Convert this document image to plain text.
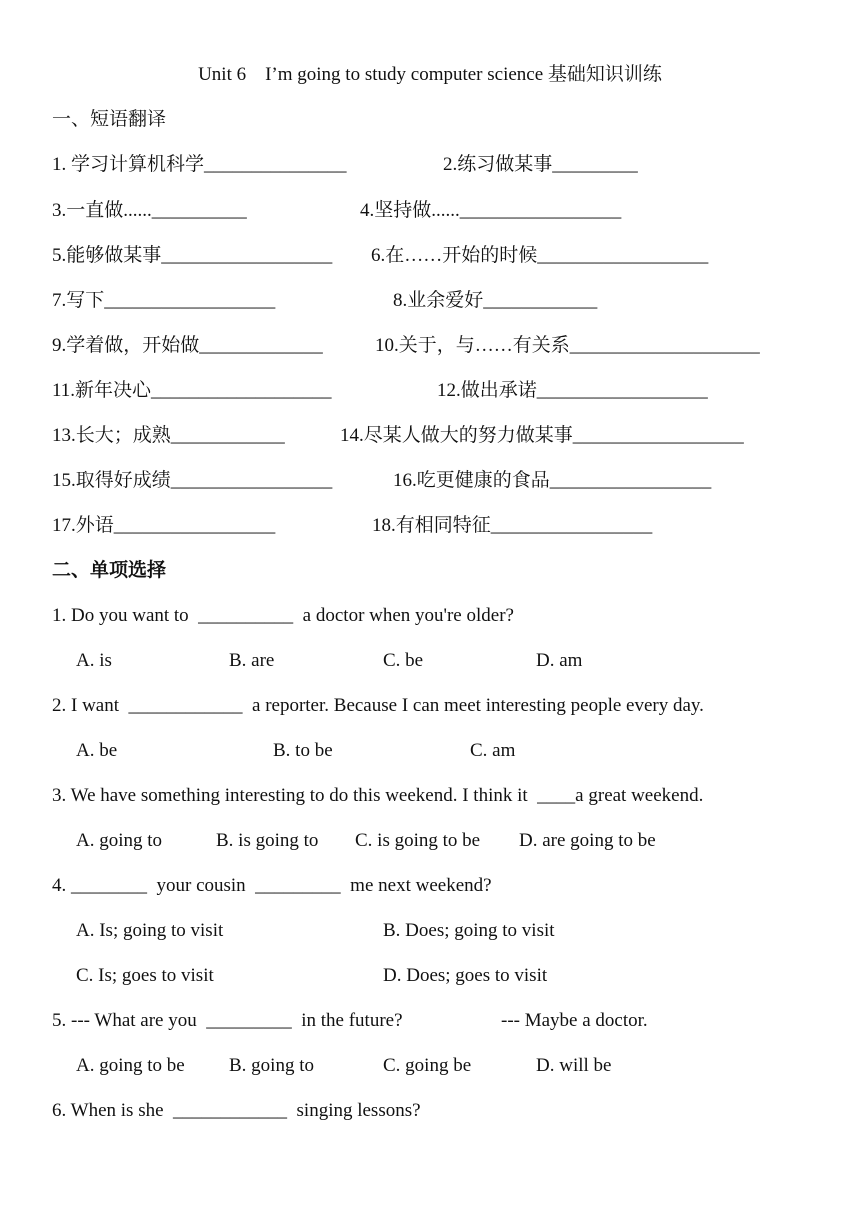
Unit 6    I’m going to study computer science 基础知识训练
一、短语翻译
1. 学习计算机科学_______________	2.练习做某事_________
3.一直做......__________	4.坚持做......_________________
5.能够做某事__________________ 6.在……开始的时候__________________
7.写下__________________	8.业余爱好____________
9.学着做，开始做_____________	10.关于，与……有关系____________________
11.新年决心___________________	12.做出承诺__________________
13.长大；成熟____________	14.尽某人做大的努力做某事__________________
15.取得好成绩_________________	16.吃更健康的食品_________________
17.外语_________________	18.有相同特征_________________
二、单项选择
1. Do you want to  __________  a doctor when you're older?
A. is	B. are	C. be	D. am
2. I want  ____________  a reporter. Because I can meet interesting people every day.
A. be	B. to be	C. am
3. We have something interesting to do this weekend. I think it  ____a great weekend.
A. going to	B. is going to C. is going to be D. are going to be
4. ________  your cousin  _________  me next weekend?
A. Is; going to visit	B. Does; going to visit
C. Is; goes to visit	D. Does; goes to visit
5. --- What are you  _________  in the future?	--- Maybe a doctor.
A. going to be B. going to	C. going be	D. will be
6. When is she  ____________  singing lessons?
